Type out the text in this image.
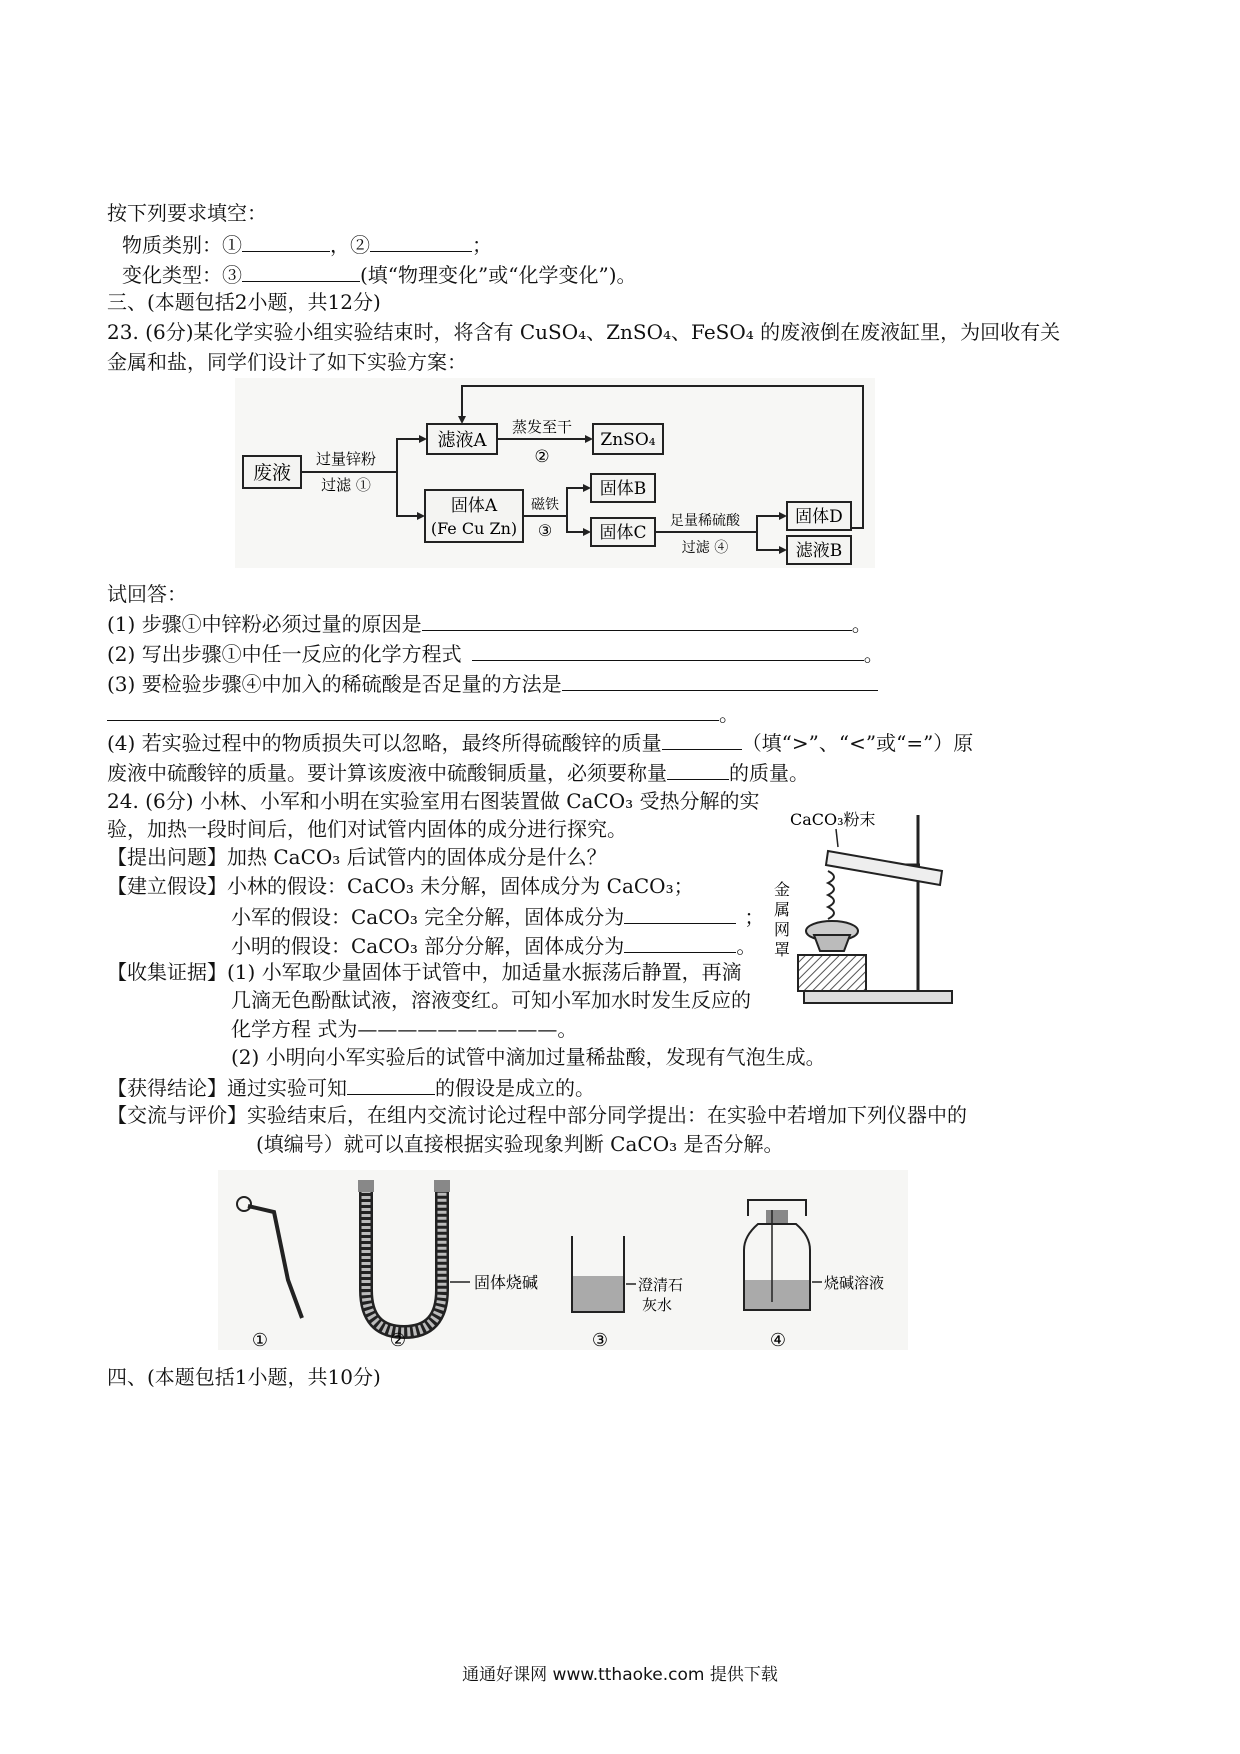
按下列要求填空：
物质类别：①	，②	；
变化类型：③	(填“物理变化”或“化学变化”)。
三、(本题包括2小题，共12分)
23. (6分)某化学实验小组实验结束时，将含有 CuSO₄、ZnSO₄、FeSO₄ 的废液倒在废液缸里，为回收有关
金属和盐，同学们设计了如下实验方案：
废液
滤液A	ZnSO₄
固体A
(Fe Cu Zn)
固体B
固体C
固体D
滤液B
过量锌粉
过滤 ①
蒸发至干
②
磁铁
③	足量稀硫酸
过滤 ④
试回答：
(1) 步骤①中锌粉必须过量的原因是	。
(2) 写出步骤①中任一反应的化学方程式	。
(3) 要检验步骤④中加入的稀硫酸是否足量的方法是
。
(4) 若实验过程中的物质损失可以忽略，最终所得硫酸锌的质量	（填“>”、“<”或“=”）原
废液中硫酸锌的质量。要计算该废液中硫酸铜质量，必须要称量	的质量。
24. (6分) 小林、小军和小明在实验室用右图装置做 CaCO₃ 受热分解的实
验，加热一段时间后，他们对试管内固体的成分进行探究。
【提出问题】加热 CaCO₃ 后试管内的固体成分是什么？
【建立假设】小林的假设：CaCO₃ 未分解，固体成分为 CaCO₃；
小军的假设：CaCO₃ 完全分解，固体成分为	；
小明的假设：CaCO₃ 部分分解，固体成分为	。
【收集证据】(1) 小军取少量固体于试管中，加适量水振荡后静置，再滴
几滴无色酚酞试液，溶液变红。可知小军加水时发生反应的
化学方程 式为——————————。
(2) 小明向小军实验后的试管中滴加过量稀盐酸，发现有气泡生成。
【获得结论】通过实验可知	的假设是成立的。
【交流与评价】实验结束后，在组内交流讨论过程中部分同学提出：在实验中若增加下列仪器中的
(填编号）就可以直接根据实验现象判断 CaCO₃ 是否分解。
CaCO₃粉末
金
属
网
罩
①
固体烧碱
②
澄清石
灰水
③
烧碱溶液
④
四、(本题包括1小题，共10分)
通通好课网 www.tthaoke.com 提供下载
